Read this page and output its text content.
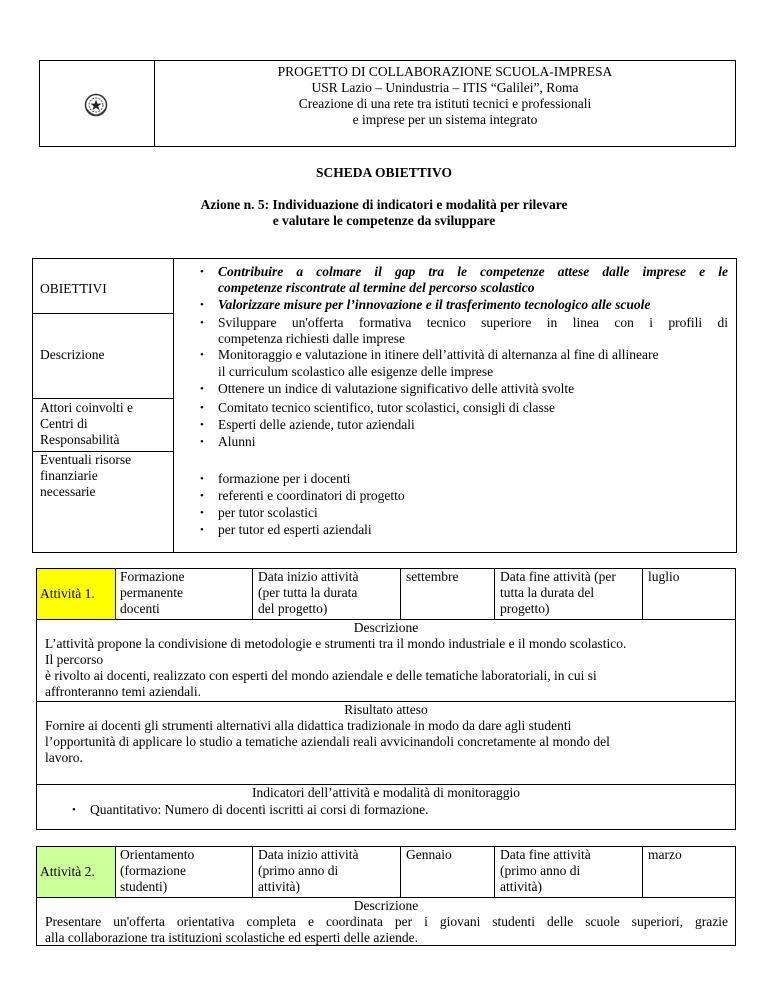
PROGETTO DI COLLABORAZIONE SCUOLA-IMPRESA
USR Lazio – Unindustria – ITIS “Galilei”, Roma
Creazione di una rete tra istituti tecnici e professionali
e imprese per un sistema integrato
SCHEDA OBIETTIVO
Azione n. 5: Individuazione di indicatori e modalità per rilevare
e valutare le competenze da sviluppare
OBIETTIVI
• Contribuire a colmare il gap tra le competenze attese dalle imprese e le
competenze riscontrate al termine del percorso scolastico
• Valorizzare misure per l’innovazione e il trasferimento tecnologico alle scuole
Descrizione
• Sviluppare un'offerta formativa tecnico superiore in linea con i profili di
competenza richiesti dalle imprese
• Monitoraggio e valutazione in itinere dell’attività di alternanza al fine di allineare
il curriculum scolastico alle esigenze delle imprese
• Ottenere un indice di valutazione significativo delle attività svolte
Attori coinvolti e
Centri di
Responsabilità
• Comitato tecnico scientifico, tutor scolastici, consigli di classe
• Esperti delle aziende, tutor aziendali
• Alunni
Eventuali risorse
finanziarie
necessarie
• formazione per i docenti
• referenti e coordinatori di progetto
• per tutor scolastici
• per tutor ed esperti aziendali
Attività 1.
Formazione
permanente
docenti
Data inizio attività
(per tutta la durata
del progetto)
settembre	Data fine attività (per
tutta la durata del
progetto)
luglio
Descrizione
L’attività propone la condivisione di metodologie e strumenti tra il mondo industriale e il mondo scolastico.
Il percorso
è rivolto ai docenti, realizzato con esperti del mondo aziendale e delle tematiche laboratoriali, in cui si
affronteranno temi aziendali.
Risultato atteso
Fornire ai docenti gli strumenti alternativi alla didattica tradizionale in modo da dare agli studenti
l’opportunità di applicare lo studio a tematiche aziendali reali avvicinandoli concretamente al mondo del
lavoro.
Indicatori dell’attività e modalità di monitoraggio
• Quantitativo: Numero di docenti iscritti ai corsi di formazione.
Attività 2.
Orientamento
(formazione
studenti)
Data inizio attività
(primo anno di
attività)
Gennaio	Data fine attività
(primo anno di
attività)
marzo
Descrizione
Presentare un'offerta orientativa completa e coordinata per i giovani studenti delle scuole superiori, grazie
alla collaborazione tra istituzioni scolastiche ed esperti delle aziende.
